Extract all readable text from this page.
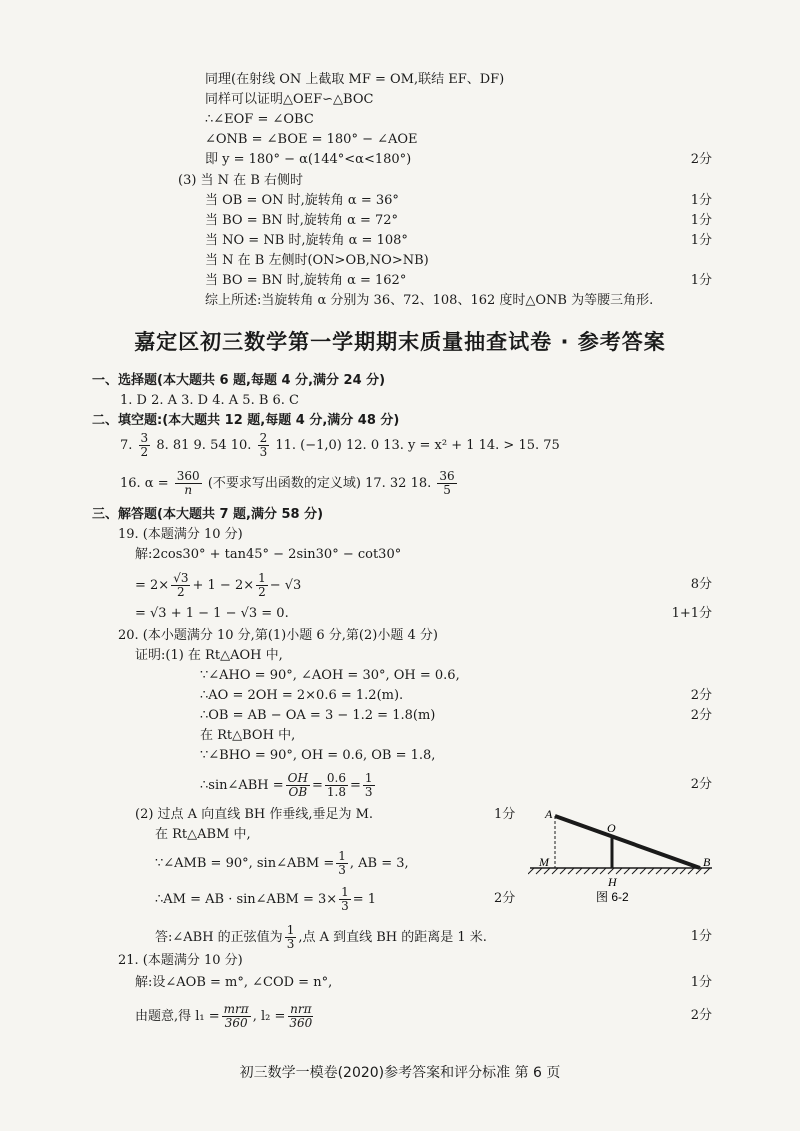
同理(在射线 ON 上截取 MF = OM,联结 EF、DF)
同样可以证明△OEF∽△BOC
∴∠EOF = ∠OBC
∠ONB = ∠BOE = 180° − ∠AOE
即 y = 180° − α(144°<α<180°)	2分
(3) 当 N 在 B 右侧时
当 OB = ON 时,旋转角 α = 36°	1分
当 BO = BN 时,旋转角 α = 72°	1分
当 NO = NB 时,旋转角 α = 108°	1分
当 N 在 B 左侧时(ON>OB,NO>NB)
当 BO = BN 时,旋转角 α = 162°	1分
综上所述:当旋转角 α 分别为 36、72、108、162 度时△ONB 为等腰三角形.
嘉定区初三数学第一学期期末质量抽查试卷 · 参考答案
一、选择题(本大题共 6 题,每题 4 分,满分 24 分)
1. D 2. A 3. D 4. A 5. B 6. C
二、填空题:(本大题共 12 题,每题 4 分,满分 48 分)
7. $\frac{3}{2} 8$. 81 9. 54 10. $\frac{2}{3} 11$. (−1,0) 12. 0 13. y = x² + 1 14. > 15. 75
16. $\alpha = \frac{360}{n}$ (不要求写出函数的定义域) 17. 32 18. $\frac{36}{5}$
三、解答题(本大题共 7 题,满分 58 分)
19. (本题满分 10 分)
解:2cos30° + tan45° − 2sin30° − cot30°
= $2\times \frac{√3}{2} + 1 - 2\times \frac{1}{2} - √3$	8分
= √3 + 1 − 1 − √3 = 0.	1+1分
20. (本小题满分 10 分,第(1)小题 6 分,第(2)小题 4 分)
证明:(1) 在 Rt△AOH 中,
∵∠AHO = 90°, ∠AOH = 30°, OH = 0.6,
∴AO = 2OH = 2×0.6 = 1.2(m).	2分
∴OB = AB − OA = 3 − 1.2 = 1.8(m)	2分
在 Rt△BOH 中,
∵∠BHO = 90°, OH = 0.6, OB = 1.8,
∴sin∠ABH = $\frac{OH}{OB} = \frac{0.6}{1.8} = \frac{1}{3}$	2分
(2) 过点 A 向直线 BH 作垂线,垂足为 M.	1分
在 Rt△ABM 中,
∵∠AMB = 90°, sin∠ABM = $\frac{1}{3}$ , AB = 3,
∴AM = AB · sin∠ABM = $3\times \frac{1}{3} = 1$	2分
答:∠ABH 的正弦值为 $\frac{1}{3}$ ,点 A 到直线 BH 的距离是 1 米.	1分
21. (本题满分 10 分)
解:设∠AOB = m°, ∠COD = n°,	1分
由题意,得 $l_1 = \frac{\text{mrπ}}{360}$ , $l_2 = \frac{\text{nrπ}}{360}$	2分
A
O
M	B
H
图 6-2
初三数学一模卷(2020)参考答案和评分标准 第 6 页
